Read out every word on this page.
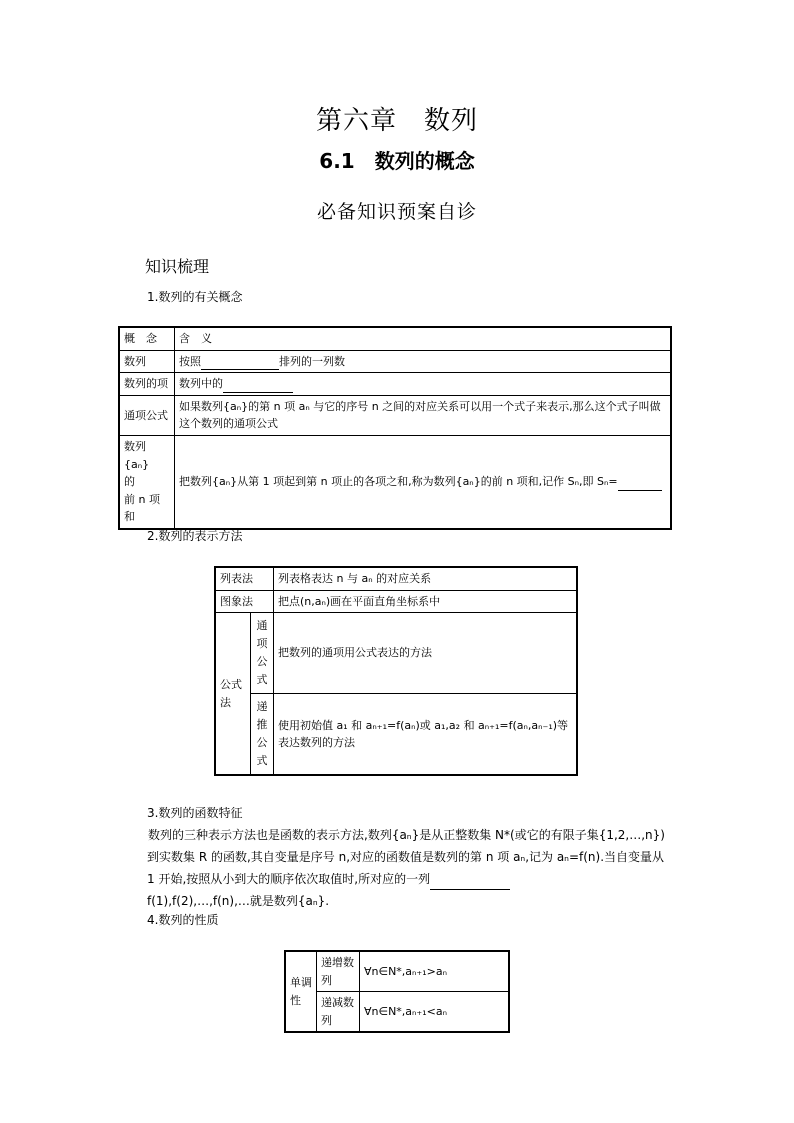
第六章　数列
6.1　数列的概念
必备知识预案自诊
知识梳理
1.数列的有关概念
概　念	含　义
数列	按照 排列的一列数
数列的项	数列中的
通项公式	如果数列{aₙ}的第 n 项 aₙ 与它的序号 n 之间的对应关系可以用一个式子来表示,那么这个式子叫做这个数列的通项公式

数列{aₙ}
的
前 n 项和	把数列{aₙ}从第 1 项起到第 n 项止的各项之和,称为数列{aₙ}的前 n 项和,记作 Sₙ,即 Sₙ=
2.数列的表示方法
列表法		列表格表达 n 与 aₙ 的对应关系
图象法		把点(n,aₙ)画在平面直角坐标系中
公式法	通项公式	把数列的通项用公式表达的方法
	递推公式	使用初始值 a₁ 和 aₙ₊₁=f(aₙ)或 a₁,a₂ 和 aₙ₊₁=f(aₙ,aₙ₋₁)等表达数列的方法
3.数列的函数特征
数列的三种表示方法也是函数的表示方法,数列{aₙ}是从正整数集 N*(或它的有限子集{1,2,…,n})到实数集 R 的函数,其自变量是序号 n,对应的函数值是数列的第 n 项 aₙ,记为 aₙ=f(n).当自变量从 1 开始,按照从小到大的顺序依次取值时,所对应的一列
f(1),f(2),…,f(n),…就是数列{aₙ}.
4.数列的性质
单调性	递增数列	∀n∈N*,aₙ₊₁>aₙ
	递减数列	∀n∈N*,aₙ₊₁<aₙ
